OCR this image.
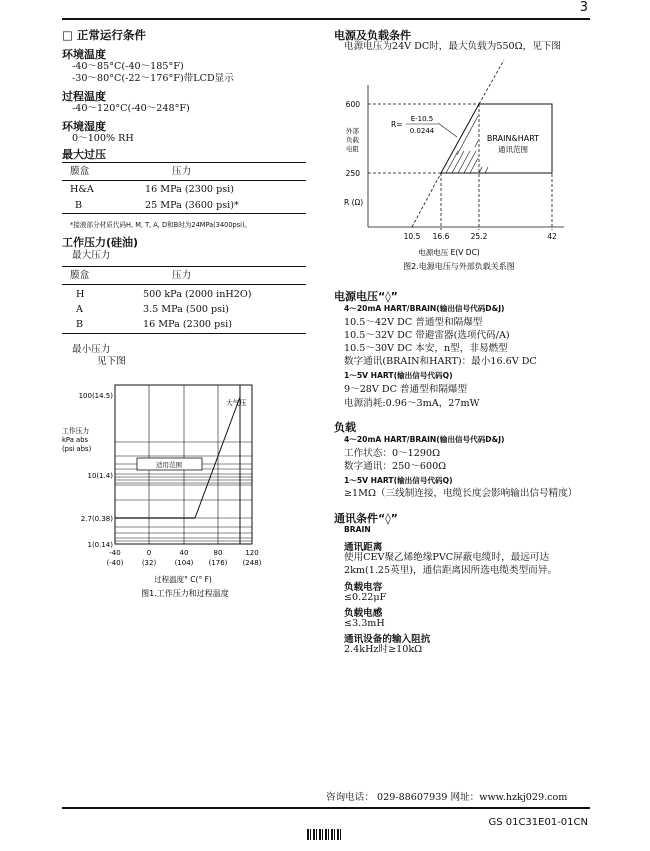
3
□ 正常运行条件
环境温度
-40～85°C(-40～185°F)
-30～80°C(-22～176°F)带LCD显示
过程温度
-40～120°C(-40～248°F)
环境湿度
0～100% RH
最大过压
膜盒	压力
H&A	16 MPa (2300 psi)
B	25 MPa (3600 psi)*
*接液部分材质代码H, M, T, A, D和B时为24MPa(3400psi)。
工作压力(硅油)
最大压力
膜盒	压力
H	500 kPa (2000 inH2O)
A	3.5 MPa (500 psi)
B	16 MPa (2300 psi)
最小压力
见下图
适用范围
大气压
工作压力
kPa abs
(psi abs)
100(14.5)
10(1.4)
2.7(0.38)
1(0.14)
-40	0	40	80	120
(-40)	(32)	(104) (176) (248)
过程温度° C(° F)
图1.工作压力和过程温度
电源及负载条件
电源电压为24V DC时，最大负载为550Ω，见下图
BRAIN&HART
通讯范围
600
250
外部
负载
电阻
R (Ω)
R=
E-10.5
0.0244
10.5 16.6	25.2	42
电源电压 E(V DC)
图2.电源电压与外部负载关系图
电源电压“◊”
4～20mA HART/BRAIN(输出信号代码D&J)
10.5～42V DC 普通型和隔爆型
10.5～32V DC 带避雷器(选项代码/A)
10.5～30V DC 本安，n型，非易燃型
数字通讯(BRAIN和HART)：最小16.6V DC
1～5V HART(输出信号代码Q)
9～28V DC 普通型和隔爆型
电源消耗:0.96～3mA，27mW
负载
4～20mA HART/BRAIN(输出信号代码D&J)
工作状态：0～1290Ω
数字通讯：250～600Ω
1～5V HART(输出信号代码Q)
≥1MΩ（三线制连接，电缆长度会影响输出信号精度）
通讯条件“◊”
BRAIN
通讯距离
使用CEV聚乙烯绝缘PVC屏蔽电缆时，最远可达
2km(1.25英里)，通信距离因所选电缆类型而异。
负载电容
≤0.22μF
负载电感
≤3.3mH
通讯设备的输入阻抗
2.4kHz时≥10kΩ
咨询电话： 029-88607939 网址：www.hzkj029.com
GS 01C31E01-01CN
